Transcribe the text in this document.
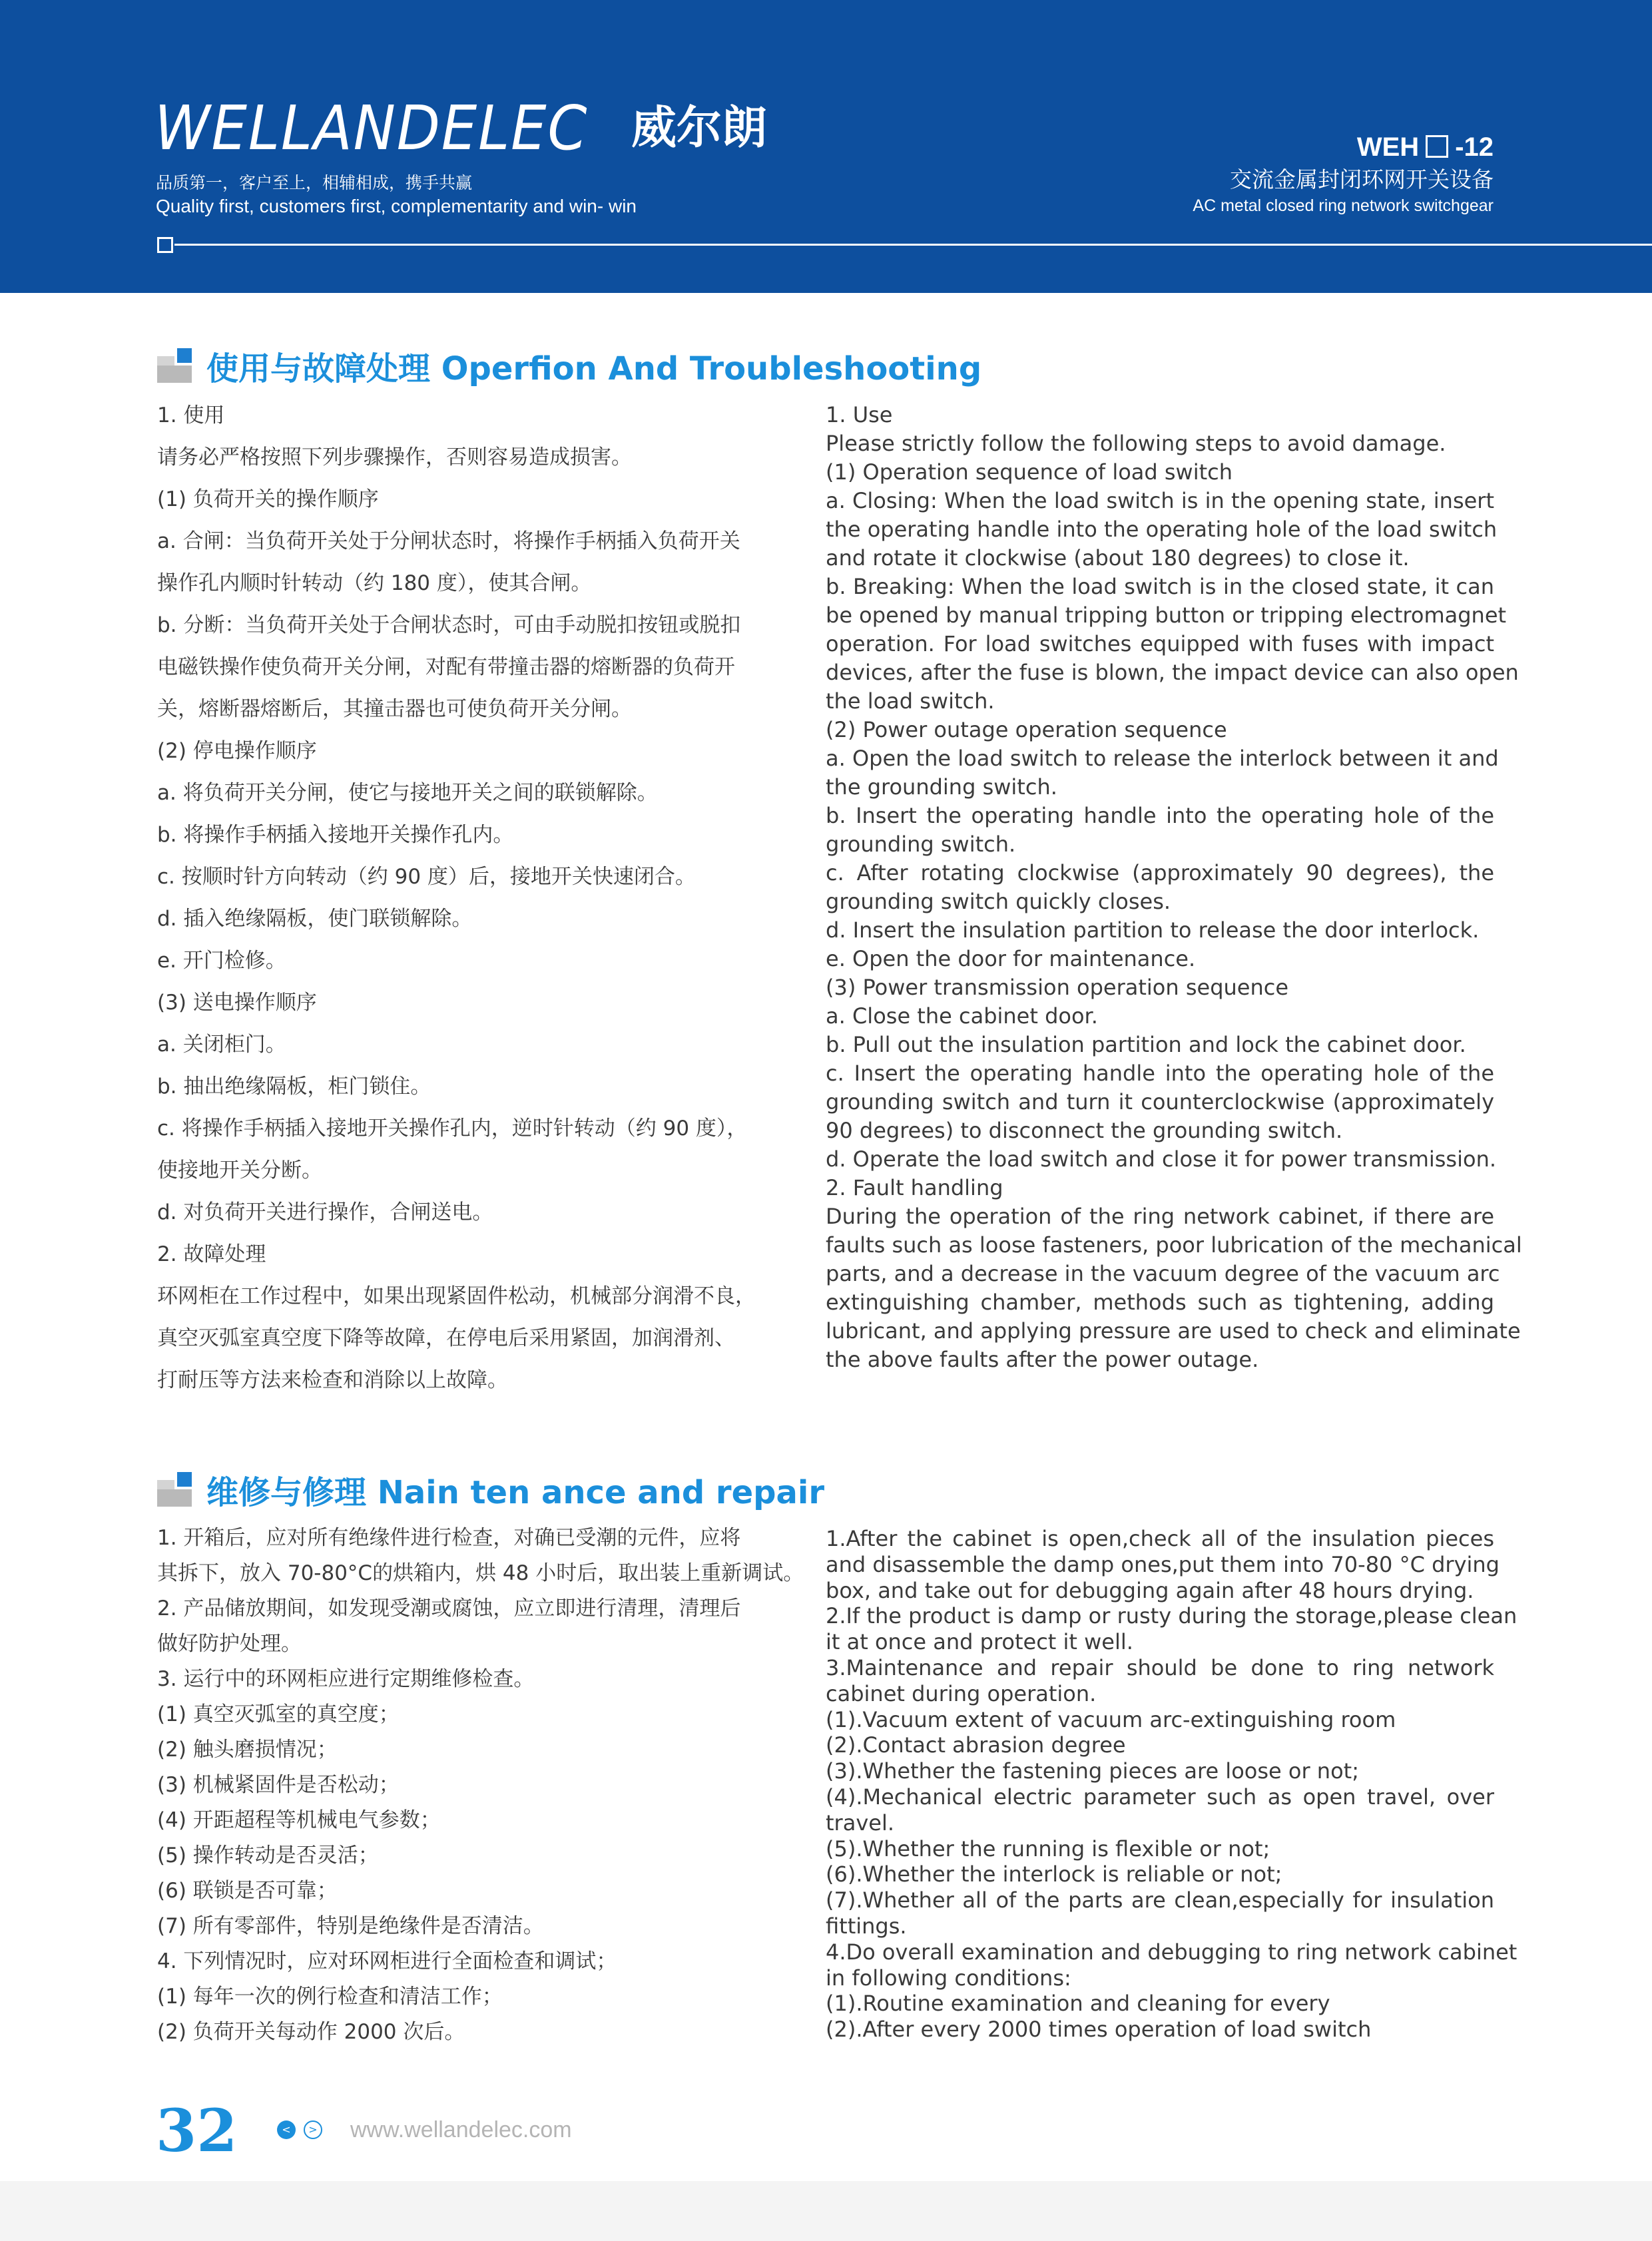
WELLANDELEC 威尔朗
品质第一，客户至上，相辅相成，携手共赢
Quality first, customers first, complementarity and win- win
WEH -12
交流金属封闭环网开关设备
AC metal closed ring network switchgear
使用与故障处理 Operfion And Troubleshooting
1. 使用
请务必严格按照下列步骤操作，否则容易造成损害。
(1) 负荷开关的操作顺序
a. 合闸：当负荷开关处于分闸状态时，将操作手柄插入负荷开关
操作孔内顺时针转动（约 180 度），使其合闸。
b. 分断：当负荷开关处于合闸状态时，可由手动脱扣按钮或脱扣
电磁铁操作使负荷开关分闸，对配有带撞击器的熔断器的负荷开
关，熔断器熔断后，其撞击器也可使负荷开关分闸。
(2) 停电操作顺序
a. 将负荷开关分闸，使它与接地开关之间的联锁解除。
b. 将操作手柄插入接地开关操作孔内。
c. 按顺时针方向转动（约 90 度）后，接地开关快速闭合。
d. 插入绝缘隔板，使门联锁解除。
e. 开门检修。
(3) 送电操作顺序
a. 关闭柜门。
b. 抽出绝缘隔板，柜门锁住。
c. 将操作手柄插入接地开关操作孔内，逆时针转动（约 90 度），
使接地开关分断。
d. 对负荷开关进行操作，合闸送电。
2. 故障处理
环网柜在工作过程中，如果出现紧固件松动，机械部分润滑不良，
真空灭弧室真空度下降等故障，在停电后采用紧固，加润滑剂、
打耐压等方法来检查和消除以上故障。
1. Use
Please strictly follow the following steps to avoid damage.
(1) Operation sequence of load switch
a. Closing: When the load switch is in the opening state, insert
the operating handle into the operating hole of the load switch
and rotate it clockwise (about 180 degrees) to close it.
b. Breaking: When the load switch is in the closed state, it can
be opened by manual tripping button or tripping electromagnet
operation. For load switches equipped with fuses with impact
devices, after the fuse is blown, the impact device can also open
the load switch.
(2) Power outage operation sequence
a. Open the load switch to release the interlock between it and
the grounding switch.
b. Insert the operating handle into the operating hole of the
grounding switch.
c. After rotating clockwise (approximately 90 degrees), the
grounding switch quickly closes.
d. Insert the insulation partition to release the door interlock.
e. Open the door for maintenance.
(3) Power transmission operation sequence
a. Close the cabinet door.
b. Pull out the insulation partition and lock the cabinet door.
c. Insert the operating handle into the operating hole of the
grounding switch and turn it counterclockwise (approximately
90 degrees) to disconnect the grounding switch.
d. Operate the load switch and close it for power transmission.
2. Fault handling
During the operation of the ring network cabinet, if there are
faults such as loose fasteners, poor lubrication of the mechanical
parts, and a decrease in the vacuum degree of the vacuum arc
extinguishing chamber, methods such as tightening, adding
lubricant, and applying pressure are used to check and eliminate
the above faults after the power outage.
维修与修理 Nain ten ance and repair
1. 开箱后，应对所有绝缘件进行检查，对确已受潮的元件，应将
其拆下，放入 70-80°C的烘箱内，烘 48 小时后，取出装上重新调试。
2. 产品储放期间，如发现受潮或腐蚀，应立即进行清理，清理后
做好防护处理。
3. 运行中的环网柜应进行定期维修检查。
(1) 真空灭弧室的真空度；
(2) 触头磨损情况；
(3) 机械紧固件是否松动；
(4) 开距超程等机械电气参数；
(5) 操作转动是否灵活；
(6) 联锁是否可靠；
(7) 所有零部件，特别是绝缘件是否清洁。
4. 下列情况时，应对环网柜进行全面检查和调试；
(1) 每年一次的例行检查和清洁工作；
(2) 负荷开关每动作 2000 次后。
1.After the cabinet is open,check all of the insulation pieces
and disassemble the damp ones,put them into 70-80 °C drying
box, and take out for debugging again after 48 hours drying.
2.If the product is damp or rusty during the storage,please clean
it at once and protect it well.
3.Maintenance and repair should be done to ring network
cabinet during operation.
(1).Vacuum extent of vacuum arc-extinguishing room
(2).Contact abrasion degree
(3).Whether the fastening pieces are loose or not;
(4).Mechanical electric parameter such as open travel, over
travel.
(5).Whether the running is flexible or not;
(6).Whether the interlock is reliable or not;
(7).Whether all of the parts are clean,especially for insulation
fittings.
4.Do overall examination and debugging to ring network cabinet
in following conditions:
(1).Routine examination and cleaning for every
(2).After every 2000 times operation of load switch
32	<	> www.wellandelec.com
